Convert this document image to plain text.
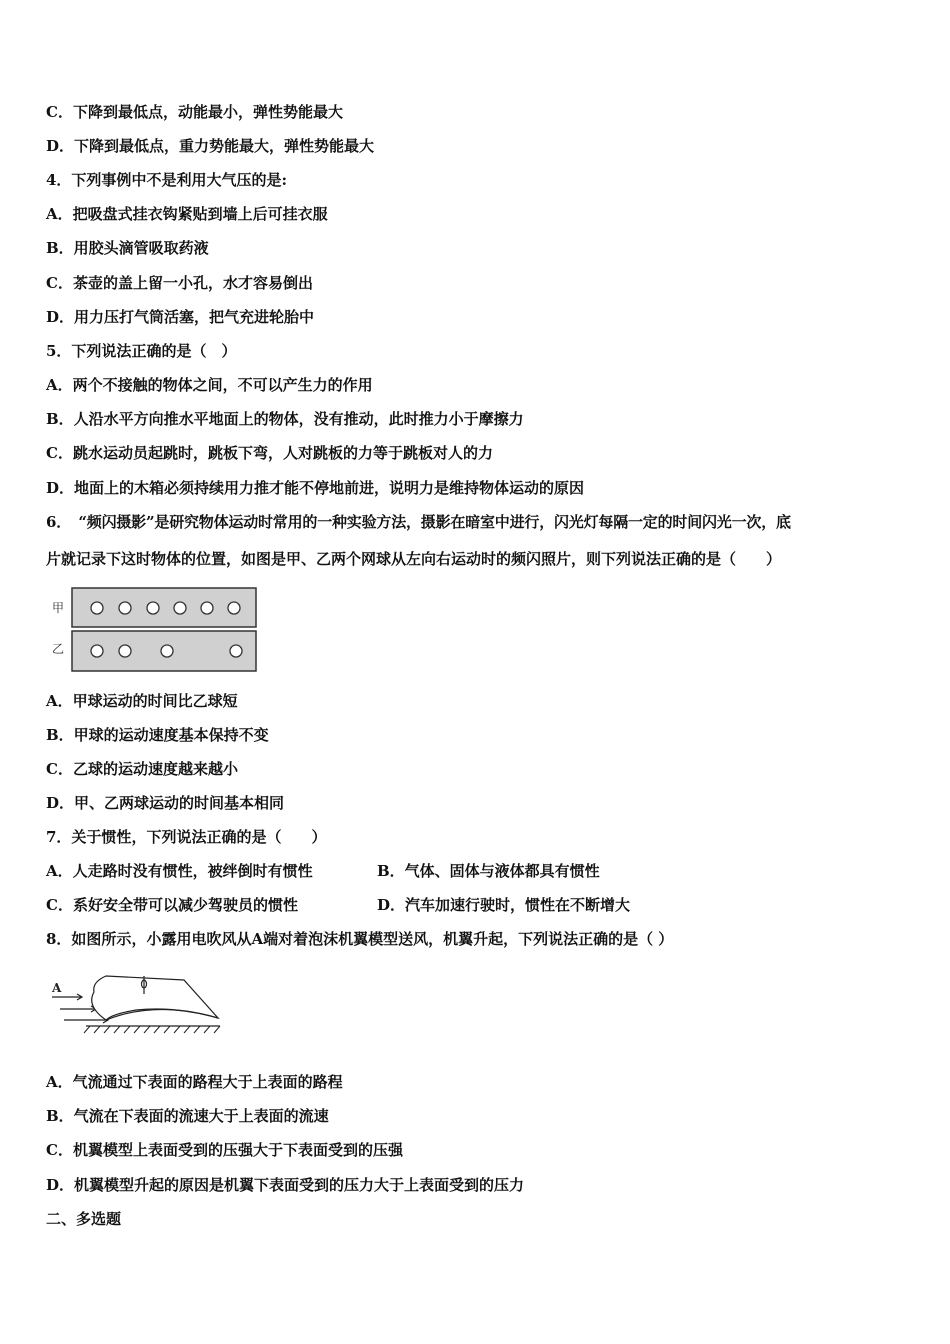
C．下降到最低点，动能最小，弹性势能最大
D．下降到最低点，重力势能最大，弹性势能最大
4．下列事例中不是利用大气压的是:
A．把吸盘式挂衣钩紧贴到墙上后可挂衣服
B．用胶头滴管吸取药液
C．茶壶的盖上留一小孔，水才容易倒出
D．用力压打气筒活塞，把气充进轮胎中
5．下列说法正确的是（　）
A．两个不接触的物体之间，不可以产生力的作用
B．人沿水平方向推水平地面上的物体，没有推动，此时推力小于摩擦力
C．跳水运动员起跳时，跳板下弯，人对跳板的力等于跳板对人的力
D．地面上的木箱必须持续用力推才能不停地前进，说明力是维持物体运动的原因
6．　“频闪摄影”是研究物体运动时常用的一种实验方法，摄影在暗室中进行，闪光灯每隔一定的时间闪光一次，底
片就记录下这时物体的位置，如图是甲、乙两个网球从左向右运动时的频闪照片，则下列说法正确的是（　　）
甲
乙
A．甲球运动的时间比乙球短
B．甲球的运动速度基本保持不变
C．乙球的运动速度越来越小
D．甲、乙两球运动的时间基本相同
7．关于惯性，下列说法正确的是（　　）
A．人走路时没有惯性，被绊倒时有惯性	B．气体、固体与液体都具有惯性
C．系好安全带可以减少驾驶员的惯性	D．汽车加速行驶时，惯性在不断增大
8．如图所示，小露用电吹风从A端对着泡沫机翼模型送风，机翼升起，下列说法正确的是（ ）
A
A．气流通过下表面的路程大于上表面的路程
B．气流在下表面的流速大于上表面的流速
C．机翼模型上表面受到的压强大于下表面受到的压强
D．机翼模型升起的原因是机翼下表面受到的压力大于上表面受到的压力
二、多选题
